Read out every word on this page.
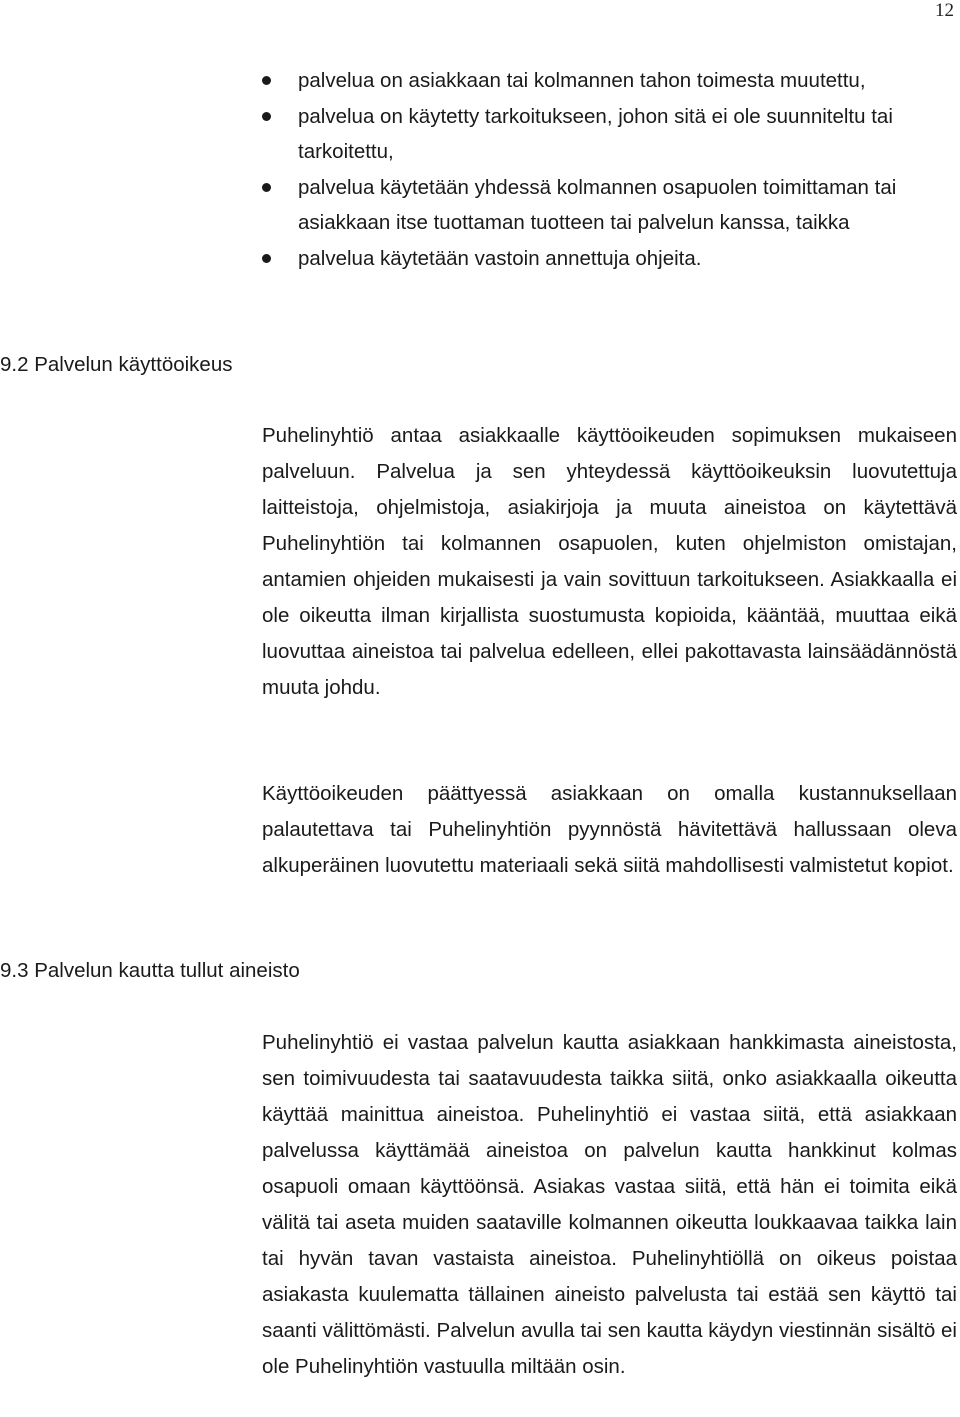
12
palvelua on asiakkaan tai kolmannen tahon toimesta muutettu,
palvelua on käytetty tarkoitukseen, johon sitä ei ole suunniteltu tai tarkoitettu,
palvelua käytetään yhdessä kolmannen osapuolen toimittaman tai asiakkaan itse tuottaman tuotteen tai palvelun kanssa, taikka
palvelua käytetään vastoin annettuja ohjeita.
9.2 Palvelun käyttöoikeus

Puhelinyhtiö antaa asiakkaalle käyttöoikeuden sopimuksen mukaiseen palveluun. Palvelua ja sen yhteydessä käyttöoikeuksin luovutettuja laitteistoja, ohjelmistoja, asiakirjoja ja muuta aineistoa on käytettävä Puhelinyhtiön tai kolmannen osapuolen, kuten ohjelmiston omistajan, antamien ohjeiden mukaisesti ja vain sovittuun tarkoitukseen. Asiakkaalla ei ole oikeutta ilman kirjallista suostumusta kopioida, kääntää, muuttaa eikä luovuttaa aineistoa tai palvelua edelleen, ellei pakottavasta lainsäädännöstä muuta johdu.

Käyttöoikeuden päättyessä asiakkaan on omalla kustannuksellaan palautettava tai Puhelinyhtiön pyynnöstä hävitettävä hallussaan oleva alkuperäinen luovutettu materiaali sekä siitä mahdollisesti valmistetut kopiot.

9.3 Palvelun kautta tullut aineisto

Puhelinyhtiö ei vastaa palvelun kautta asiakkaan hankkimasta aineistosta, sen toimivuudesta tai saatavuudesta taikka siitä, onko asiakkaalla oikeutta käyttää mainittua aineistoa. Puhelinyhtiö ei vastaa siitä, että asiakkaan palvelussa käyttämää aineistoa on palvelun kautta hankkinut kolmas osapuoli omaan käyttöönsä. Asiakas vastaa siitä, että hän ei toimita eikä välitä tai aseta muiden saataville kolmannen oikeutta loukkaavaa taikka lain tai hyvän tavan vastaista aineistoa. Puhelinyhtiöllä on oikeus poistaa asiakasta kuulematta tällainen aineisto palvelusta tai estää sen käyttö tai saanti välittömästi. Palvelun avulla tai sen kautta käydyn viestinnän sisältö ei ole Puhelinyhtiön vastuulla miltään osin.
